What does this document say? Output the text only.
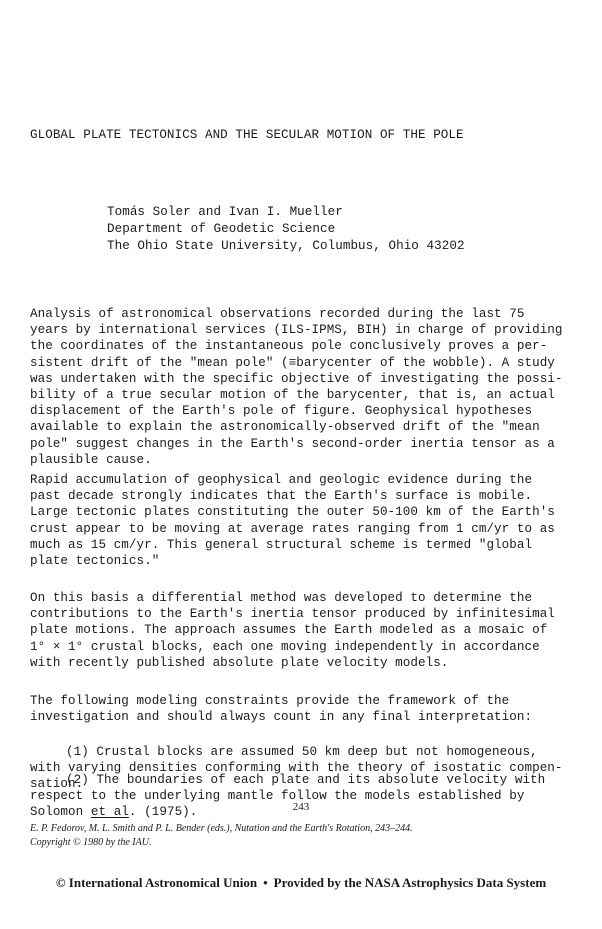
GLOBAL PLATE TECTONICS AND THE SECULAR MOTION OF THE POLE
Tomás Soler and Ivan I. Mueller
Department of Geodetic Science
The Ohio State University, Columbus, Ohio 43202
Analysis of astronomical observations recorded during the last 75
years by international services (ILS-IPMS, BIH) in charge of providing
the coordinates of the instantaneous pole conclusively proves a per-
sistent drift of the "mean pole" (≡barycenter of the wobble). A study
was undertaken with the specific objective of investigating the possi-
bility of a true secular motion of the barycenter, that is, an actual
displacement of the Earth's pole of figure. Geophysical hypotheses
available to explain the astronomically-observed drift of the "mean
pole" suggest changes in the Earth's second-order inertia tensor as a
plausible cause.
Rapid accumulation of geophysical and geologic evidence during the
past decade strongly indicates that the Earth's surface is mobile.
Large tectonic plates constituting the outer 50-100 km of the Earth's
crust appear to be moving at average rates ranging from 1 cm/yr to as
much as 15 cm/yr. This general structural scheme is termed "global
plate tectonics."
On this basis a differential method was developed to determine the
contributions to the Earth's inertia tensor produced by infinitesimal
plate motions. The approach assumes the Earth modeled as a mosaic of
1° × 1° crustal blocks, each one moving independently in accordance
with recently published absolute plate velocity models.
The following modeling constraints provide the framework of the
investigation and should always count in any final interpretation:
(1) Crustal blocks are assumed 50 km deep but not homogeneous,
with varying densities conforming with the theory of isostatic compen-
sation.
(2) The boundaries of each plate and its absolute velocity with
respect to the underlying mantle follow the models established by
Solomon et al. (1975).	243
E. P. Fedorov, M. L. Smith and P. L. Bender (eds.), Nutation and the Earth's Rotation, 243–244.
Copyright © 1980 by the IAU.
© International Astronomical Union • Provided by the NASA Astrophysics Data System
